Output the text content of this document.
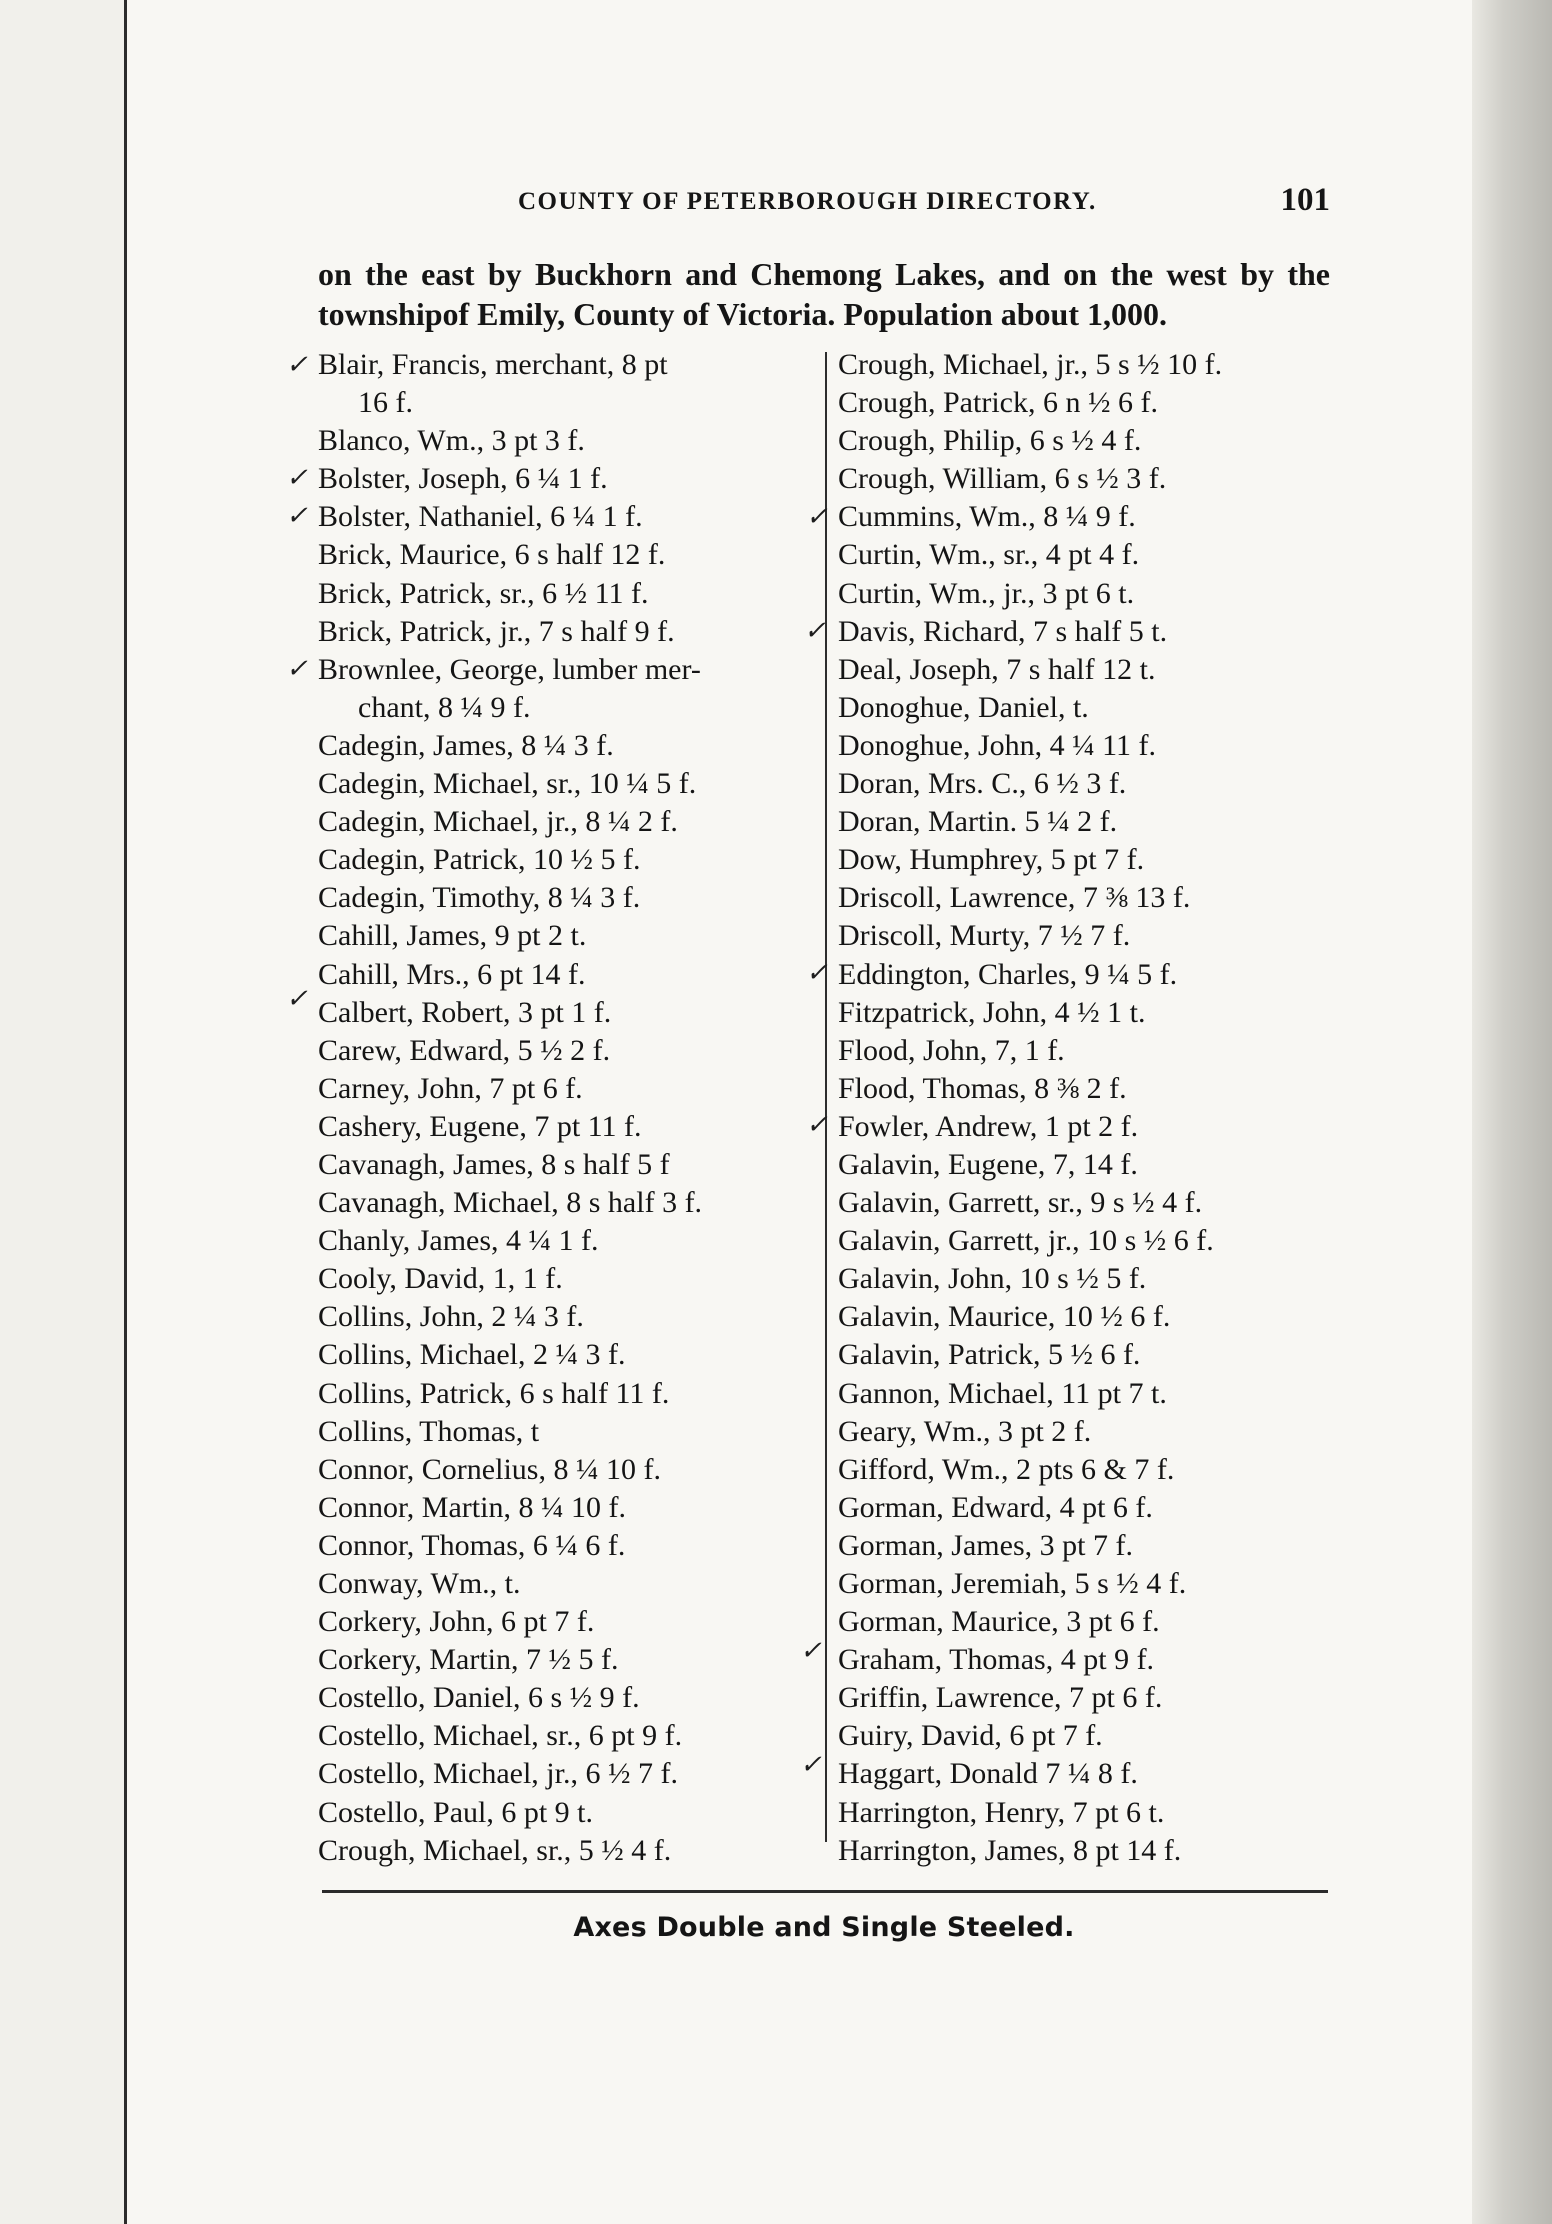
COUNTY OF PETERBOROUGH DIRECTORY.	101
on the east by Buckhorn and Chemong Lakes, and on the west by the townshipof Emily, County of Victoria. Population about 1,000.
Blair, Francis, merchant, 8 pt
16 f.
Blanco, Wm., 3 pt 3 f.
Bolster, Joseph, 6 ¼ 1 f.
Bolster, Nathaniel, 6 ¼ 1 f.
Brick, Maurice, 6 s half 12 f.
Brick, Patrick, sr., 6 ½ 11 f.
Brick, Patrick, jr., 7 s half 9 f.
Brownlee, George, lumber mer-
chant, 8 ¼ 9 f.
Cadegin, James, 8 ¼ 3 f.
Cadegin, Michael, sr., 10 ¼ 5 f.
Cadegin, Michael, jr., 8 ¼ 2 f.
Cadegin, Patrick, 10 ½ 5 f.
Cadegin, Timothy, 8 ¼ 3 f.
Cahill, James, 9 pt 2 t.
Cahill, Mrs., 6 pt 14 f.
Calbert, Robert, 3 pt 1 f.
Carew, Edward, 5 ½ 2 f.
Carney, John, 7 pt 6 f.
Cashery, Eugene, 7 pt 11 f.
Cavanagh, James, 8 s half 5 f
Cavanagh, Michael, 8 s half 3 f.
Chanly, James, 4 ¼ 1 f.
Cooly, David, 1, 1 f.
Collins, John, 2 ¼ 3 f.
Collins, Michael, 2 ¼ 3 f.
Collins, Patrick, 6 s half 11 f.
Collins, Thomas, t
Connor, Cornelius, 8 ¼ 10 f.
Connor, Martin, 8 ¼ 10 f.
Connor, Thomas, 6 ¼ 6 f.
Conway, Wm., t.
Corkery, John, 6 pt 7 f.
Corkery, Martin, 7 ½ 5 f.
Costello, Daniel, 6 s ½ 9 f.
Costello, Michael, sr., 6 pt 9 f.
Costello, Michael, jr., 6 ½ 7 f.
Costello, Paul, 6 pt 9 t.
Crough, Michael, sr., 5 ½ 4 f.
Crough, Michael, jr., 5 s ½ 10 f.
Crough, Patrick, 6 n ½ 6 f.
Crough, Philip, 6 s ½ 4 f.
Crough, William, 6 s ½ 3 f.
Cummins, Wm., 8 ¼ 9 f.
Curtin, Wm., sr., 4 pt 4 f.
Curtin, Wm., jr., 3 pt 6 t.
Davis, Richard, 7 s half 5 t.
Deal, Joseph, 7 s half 12 t.
Donoghue, Daniel, t.
Donoghue, John, 4 ¼ 11 f.
Doran, Mrs. C., 6 ½ 3 f.
Doran, Martin. 5 ¼ 2 f.
Dow, Humphrey, 5 pt 7 f.
Driscoll, Lawrence, 7 ⅜ 13 f.
Driscoll, Murty, 7 ½ 7 f.
Eddington, Charles, 9 ¼ 5 f.
Fitzpatrick, John, 4 ½ 1 t.
Flood, John, 7, 1 f.
Flood, Thomas, 8 ⅜ 2 f.
Fowler, Andrew, 1 pt 2 f.
Galavin, Eugene, 7, 14 f.
Galavin, Garrett, sr., 9 s ½ 4 f.
Galavin, Garrett, jr., 10 s ½ 6 f.
Galavin, John, 10 s ½ 5 f.
Galavin, Maurice, 10 ½ 6 f.
Galavin, Patrick, 5 ½ 6 f.
Gannon, Michael, 11 pt 7 t.
Geary, Wm., 3 pt 2 f.
Gifford, Wm., 2 pts 6 & 7 f.
Gorman, Edward, 4 pt 6 f.
Gorman, James, 3 pt 7 f.
Gorman, Jeremiah, 5 s ½ 4 f.
Gorman, Maurice, 3 pt 6 f.
Graham, Thomas, 4 pt 9 f.
Griffin, Lawrence, 7 pt 6 f.
Guiry, David, 6 pt 7 f.
Haggart, Donald 7 ¼ 8 f.
Harrington, Henry, 7 pt 6 t.
Harrington, James, 8 pt 14 f.
✓
✓
✓
✓
✓
✓
✓
✓
✓
✓
✓
Axes Double and Single Steeled.
